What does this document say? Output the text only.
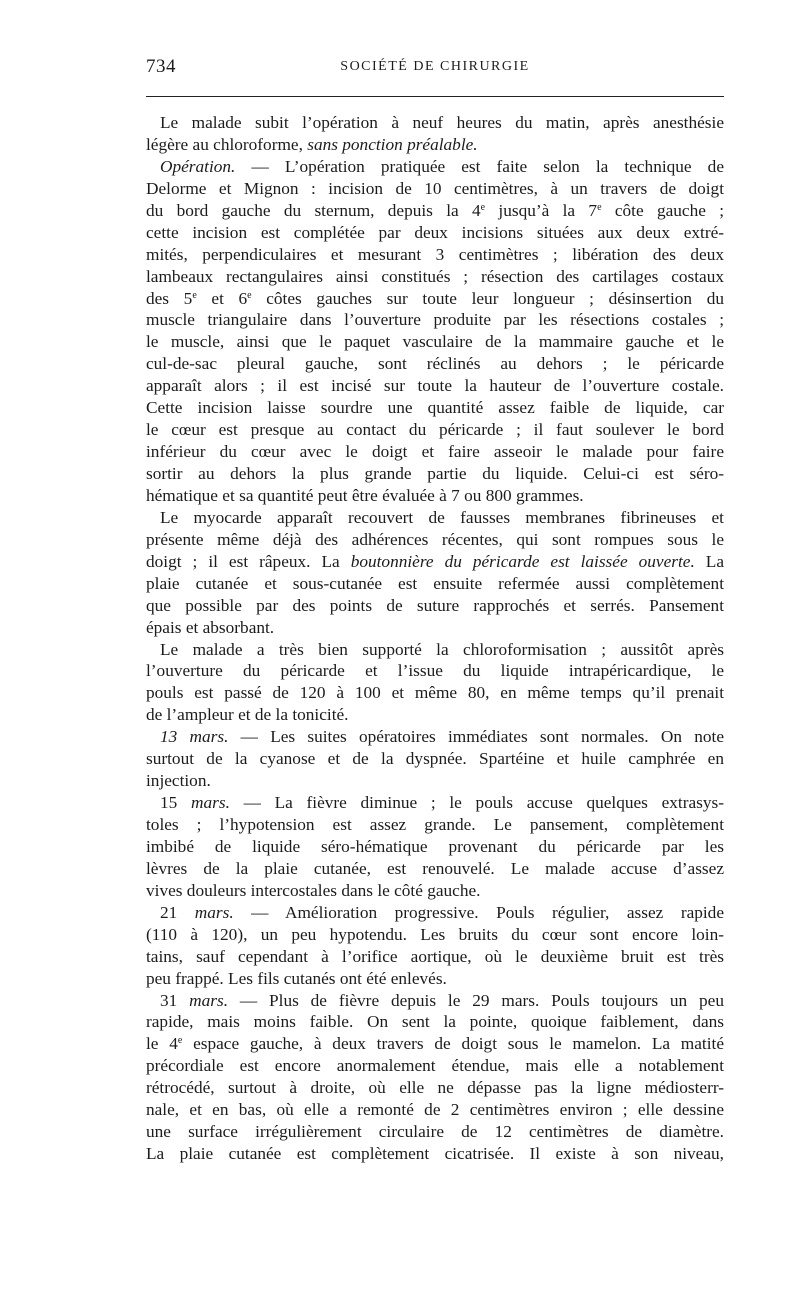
734	SOCIÉTÉ DE CHIRURGIE
Le malade subit l’opération à neuf heures du matin, après anesthésie
légère au chloroforme, sans ponction préalable.
Opération. — L’opération pratiquée est faite selon la technique de
Delorme et Mignon : incision de 10 centimètres, à un travers de doigt
du bord gauche du sternum, depuis la 4e jusqu’à la 7e côte gauche ;
cette incision est complétée par deux incisions situées aux deux extré-
mités, perpendiculaires et mesurant 3 centimètres ; libération des deux
lambeaux rectangulaires ainsi constitués ; résection des cartilages costaux
des 5e et 6e côtes gauches sur toute leur longueur ; désinsertion du
muscle triangulaire dans l’ouverture produite par les résections costales ;
le muscle, ainsi que le paquet vasculaire de la mammaire gauche et le
cul-de-sac pleural gauche, sont réclinés au dehors ; le péricarde
apparaît alors ; il est incisé sur toute la hauteur de l’ouverture costale.
Cette incision laisse sourdre une quantité assez faible de liquide, car
le cœur est presque au contact du péricarde ; il faut soulever le bord
inférieur du cœur avec le doigt et faire asseoir le malade pour faire
sortir au dehors la plus grande partie du liquide. Celui-ci est séro-
hématique et sa quantité peut être évaluée à 7 ou 800 grammes.
Le myocarde apparaît recouvert de fausses membranes fibrineuses et
présente même déjà des adhérences récentes, qui sont rompues sous le
doigt ; il est râpeux. La boutonnière du péricarde est laissée ouverte. La
plaie cutanée et sous-cutanée est ensuite refermée aussi complètement
que possible par des points de suture rapprochés et serrés. Pansement
épais et absorbant.
Le malade a très bien supporté la chloroformisation ; aussitôt après
l’ouverture du péricarde et l’issue du liquide intrapéricardique, le
pouls est passé de 120 à 100 et même 80, en même temps qu’il prenait
de l’ampleur et de la tonicité.
13 mars. — Les suites opératoires immédiates sont normales. On note
surtout de la cyanose et de la dyspnée. Spartéine et huile camphrée en
injection.
15 mars. — La fièvre diminue ; le pouls accuse quelques extrasys-
toles ; l’hypotension est assez grande. Le pansement, complètement
imbibé de liquide séro-hématique provenant du péricarde par les
lèvres de la plaie cutanée, est renouvelé. Le malade accuse d’assez
vives douleurs intercostales dans le côté gauche.
21 mars. — Amélioration progressive. Pouls régulier, assez rapide
(110 à 120), un peu hypotendu. Les bruits du cœur sont encore loin-
tains, sauf cependant à l’orifice aortique, où le deuxième bruit est très
peu frappé. Les fils cutanés ont été enlevés.
31 mars. — Plus de fièvre depuis le 29 mars. Pouls toujours un peu
rapide, mais moins faible. On sent la pointe, quoique faiblement, dans
le 4e espace gauche, à deux travers de doigt sous le mamelon. La matité
précordiale est encore anormalement étendue, mais elle a notablement
rétrocédé, surtout à droite, où elle ne dépasse pas la ligne médiosterr-
nale, et en bas, où elle a remonté de 2 centimètres environ ; elle dessine
une surface irrégulièrement circulaire de 12 centimètres de diamètre.
La plaie cutanée est complètement cicatrisée. Il existe à son niveau,
